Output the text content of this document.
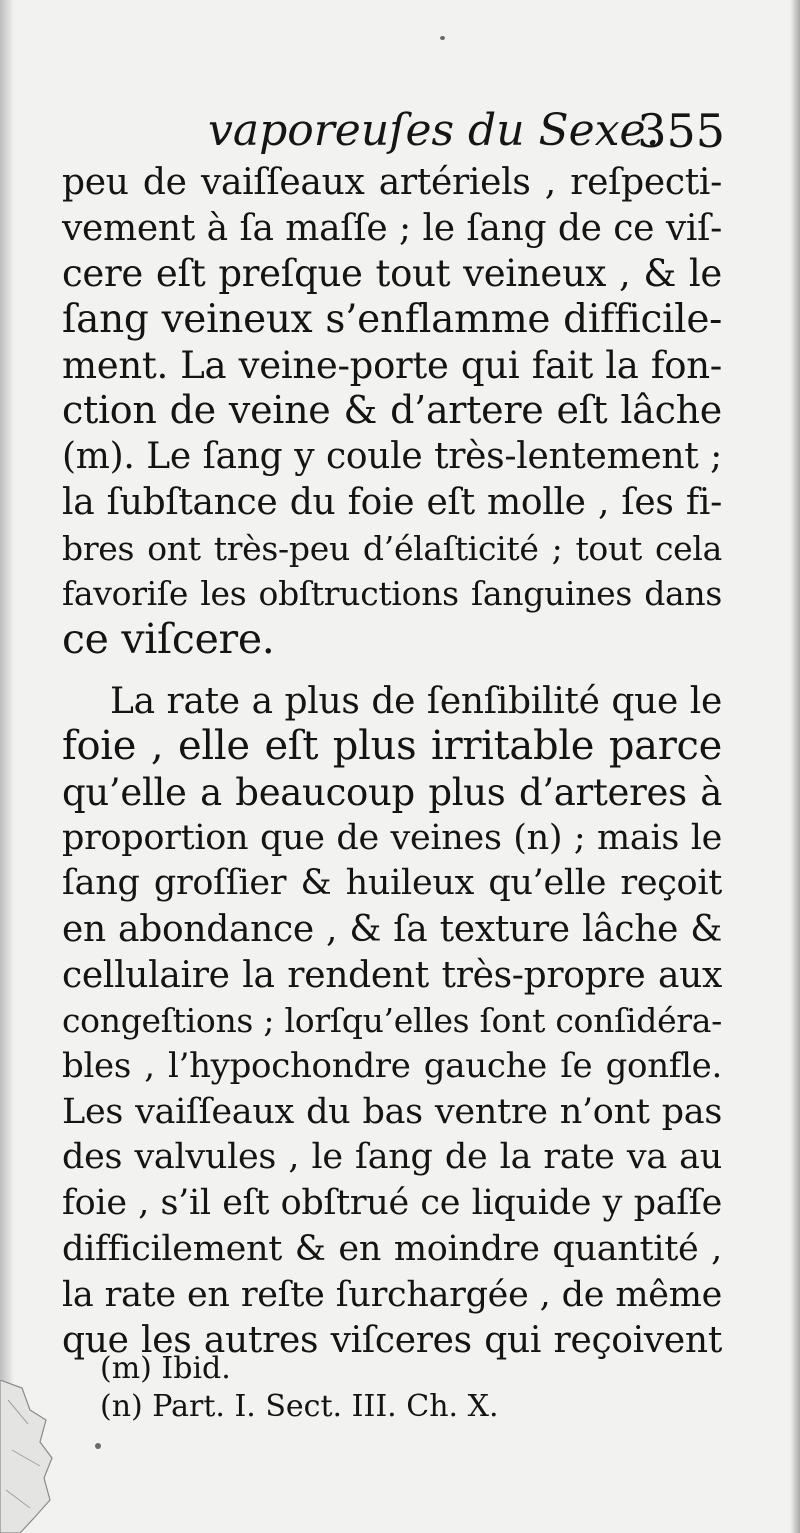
vaporeuſes du Sexe.
355
peu de vaiſſeaux artériels , reſpecti-
vement à ſa maſſe ; le ſang de ce viſ-
cere eſt preſque tout veineux , & le
ſang veineux s’enflamme difficile-
ment. La veine-porte qui fait la fon-
ction de veine & d’artere eſt lâche
(m). Le ſang y coule très-lentement ;
la ſubſtance du foie eſt molle , ſes fi-
bres ont très-peu d’élaſticité ; tout cela
favoriſe les obſtructions ſanguines dans
ce viſcere.
La rate a plus de ſenſibilité que le
foie , elle eſt plus irritable parce
qu’elle a beaucoup plus d’arteres à
proportion que de veines (n) ; mais le
ſang groſſier & huileux qu’elle reçoit
en abondance , & ſa texture lâche &
cellulaire la rendent très-propre aux
congeſtions ; lorſqu’elles ſont conſidéra-
bles , l’hypochondre gauche ſe gonfle.
Les vaiſſeaux du bas ventre n’ont pas
des valvules , le ſang de la rate va au
foie , s’il eſt obſtrué ce liquide y paſſe
difficilement & en moindre quantité ,
la rate en reſte ſurchargée , de même
que les autres viſceres qui reçoivent
(m) Ibid.
(n) Part. I. Sect. III. Ch. X.
